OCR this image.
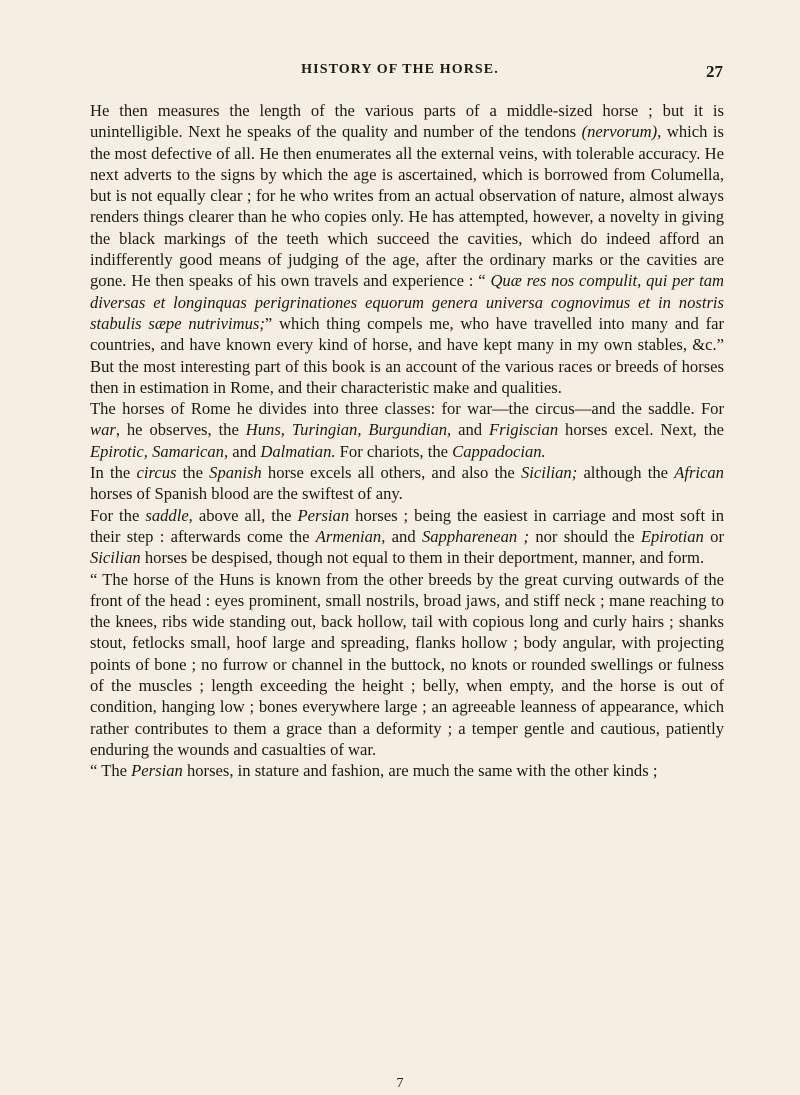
HISTORY OF THE HORSE.	27

He then measures the length of the various parts of a middle-sized horse ; but it is unintelligible. Next he speaks of the quality and number of the tendons (nervorum), which is the most defective of all. He then enumerates all the external veins, with tolerable accuracy. He next adverts to the signs by which the age is ascertained, which is borrowed from Columella, but is not equally clear ; for he who writes from an actual observation of nature, almost always renders things clearer than he who copies only. He has attempted, however, a novelty in giving the black markings of the teeth which succeed the cavities, which do indeed afford an indifferently good means of judging of the age, after the ordinary marks or the cavities are gone. He then speaks of his own travels and experience : “ Quæ res nos compulit, qui per tam diversas et longinquas perigrinationes equorum genera universa cognovimus et in nostris stabulis sæpe nutrivimus;” which thing compels me, who have travelled into many and far countries, and have known every kind of horse, and have kept many in my own stables, &c.” But the most interesting part of this book is an account of the various races or breeds of horses then in estimation in Rome, and their characteristic make and qualities.

The horses of Rome he divides into three classes: for war—the circus—and the saddle. For war, he observes, the Huns, Turingian, Burgundian, and Frigiscian horses excel. Next, the Epirotic, Samarican, and Dalmatian. For chariots, the Cappadocian.

In the circus the Spanish horse excels all others, and also the Sicilian; although the African horses of Spanish blood are the swiftest of any.

For the saddle, above all, the Persian horses ; being the easiest in carriage and most soft in their step : afterwards come the Armenian, and Sappharenean ; nor should the Epirotian or Sicilian horses be despised, though not equal to them in their deportment, manner, and form.

“ The horse of the Huns is known from the other breeds by the great curving outwards of the front of the head : eyes prominent, small nostrils, broad jaws, and stiff neck ; mane reaching to the knees, ribs wide standing out, back hollow, tail with copious long and curly hairs ; shanks stout, fetlocks small, hoof large and spreading, flanks hollow ; body angular, with projecting points of bone ; no furrow or channel in the buttock, no knots or rounded swellings or fulness of the muscles ; length exceeding the height ; belly, when empty, and the horse is out of condition, hanging low ; bones everywhere large ; an agreeable leanness of appearance, which rather contributes to them a grace than a deformity ; a temper gentle and cautious, patiently enduring the wounds and casualties of war.

“ The Persian horses, in stature and fashion, are much the same with the other kinds ;

7
